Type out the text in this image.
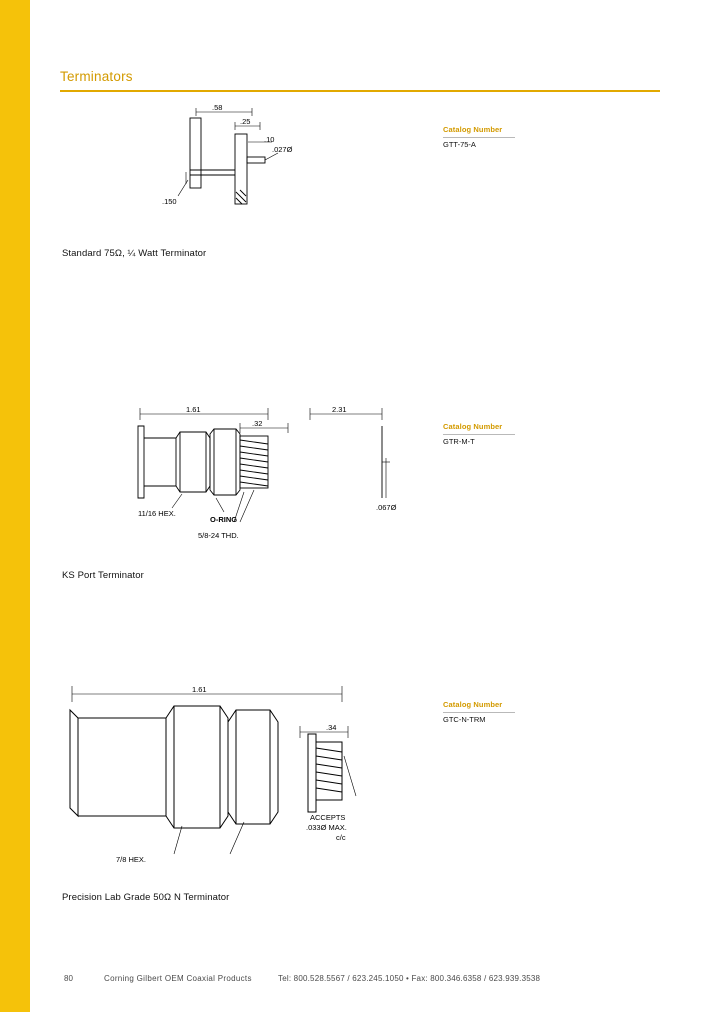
Terminators
.58
.25
.10
.027Ø
.150
Standard 75Ω, ¼ Watt Terminator
Catalog Number
GTT-75-A
1.61
.32
2.31
.067Ø
11/16 HEX.
O-RING
5/8-24 THD.
KS Port Terminator
Catalog Number
GTR-M-T
1.61
.34
ACCEPTS
.033Ø MAX.
c/c
7/8 HEX.
Precision Lab Grade 50Ω N Terminator
Catalog Number
GTC-N-TRM
80	Corning Gilbert OEM Coaxial Products	Tel: 800.528.5567 / 623.245.1050 • Fax: 800.346.6358 / 623.939.3538
